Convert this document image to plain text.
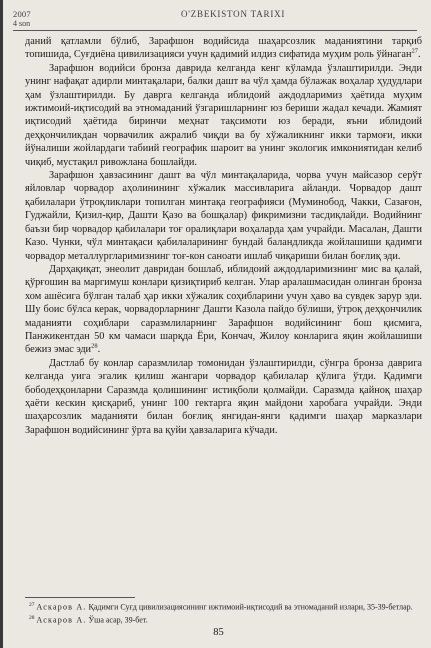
2007
4 son
O'ZBEKISTON TARIXI

даний қатламли бўлиб, Зарафшон водийсида шаҳарсозлик маданиятини тарқиб топишида, Суғдиёна цивилизацияси учун қадимий илдиз сифатида муҳим роль ўйнаган$^{27}$.

Зарафшон водийси бронза даврида келганда кенг кўламда ўзлаштирилди. Энди унинг нафақат адирли минтақалари, балки дашт ва чўл ҳамда бўлажак воҳалар ҳудудлари ҳам ўзлаштирилди. Бу даврга келганда иблидоий аждодларимиз ҳаётида муҳим ижтимоий-иқтисодий ва этномаданий ўзгаришларнинг юз бериши жадал кечади. Жамият иқтисодий ҳаётида биринчи меҳнат тақсимоти юз беради, яъни иблидоий деҳқончиликдан чорвачилик ажралиб чиқди ва бу хўжаликнинг икки тармоғи, икки йўналиши жойлардаги табиий географик шароит ва унинг экологик имкониятидан келиб чиқиб, мустақил ривожлана бошлайди.

Зарафшон ҳавзасининг дашт ва чўл минтақаларида, чорва учун майсазор серўт яйловлар чорвадор аҳолинининг хўжалик массивларига айланди. Чорвадор дашт қабилалари ўтроқликлари топилган минтақа географияси (Муминобод, Чакки, Сазағон, Гуджайли, Қизил-қир, Дашти Қазо ва бошқалар) фикримизни тасдиқлайди. Водийнинг баъзи бир чорвадор қабилалари тоғ оралиқлари воҳаларда ҳам учрайди. Масалан, Дашти Казо. Чунки, чўл минтақаси қабилаларининг бундай баландликда жойлашиши қадимги чорвадор металлургларимизнинг тоғ-кон саноати ишлаб чиқариши билан боғлиқ эди.

Дарҳақиқат, энеолит давридан бошлаб, иблидоий аждодларимизнинг мис ва қалай, қўрғошин ва маргимуш конлари қизиқтириб келган. Улар аралашмасидан олинган бронза хом ашёсига бўлган талаб ҳар икки хўжалик соҳибларини учун ҳаво ва сувдек зарур эди. Шу боис бўлса керак, чорвадорларнинг Дашти Казола пайдо бўлиши, ўтроқ деҳқончилик маданияти соҳиблари саразмлиларнинг Зарафшон водийсининг бош қисмига, Панжикентдан 50 км чамаси шарқда Ёри, Кончач, Жилоу конларига яқин жойлашиши бежиз эмас эди$^{28}$.

Дастлаб бу конлар саразмлилар томонидан ўзлаштирилди, сўнгра бронза даврига келганда уига эгалик қилиш жангари чорвадор қабилалар қўлига ўтди. Қадимги бободеҳқонларни Саразмда қолишининг истиқболи қолмайди. Саразмда қайноқ шаҳар ҳаёти кескин қисқариб, унинг 100 гектарга яқин майдони харобага учрайди. Энди шаҳарсозлик маданияти билан боғлиқ янгидан-янги қадимги шаҳар марказлари Зарафшон водийсининг ўрта ва қуйи ҳавзаларига кўчади.

$^{27}$ Аскаров А. Қадимги Суғд цивилизациясининг ижтимоий-иқтисодий ва этномаданий излари, 35-39-бетлар.
$^{28}$ Аскаров А. Ўша асар, 39-бет.
85
